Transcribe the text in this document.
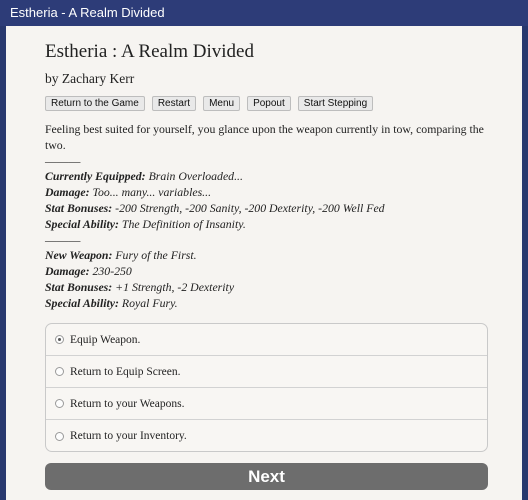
Estheria - A Realm Divided
Estheria : A Realm Divided
by Zachary Kerr
Return to the Game	Restart	Menu	Popout	Start Stepping

Feeling best suited for yourself, you glance upon the weapon currently in tow, comparing the two.

———

Currently Equipped: Brain Overloaded...

Damage: Too... many... variables...

Stat Bonuses: -200 Strength, -200 Sanity, -200 Dexterity, -200 Well Fed

Special Ability: The Definition of Insanity.

———

New Weapon: Fury of the First.

Damage: 230-250

Stat Bonuses: +1 Strength, -2 Dexterity

Special Ability: Royal Fury.

Equip Weapon.
Return to Equip Screen.
Return to your Weapons.
Return to your Inventory.
Next
